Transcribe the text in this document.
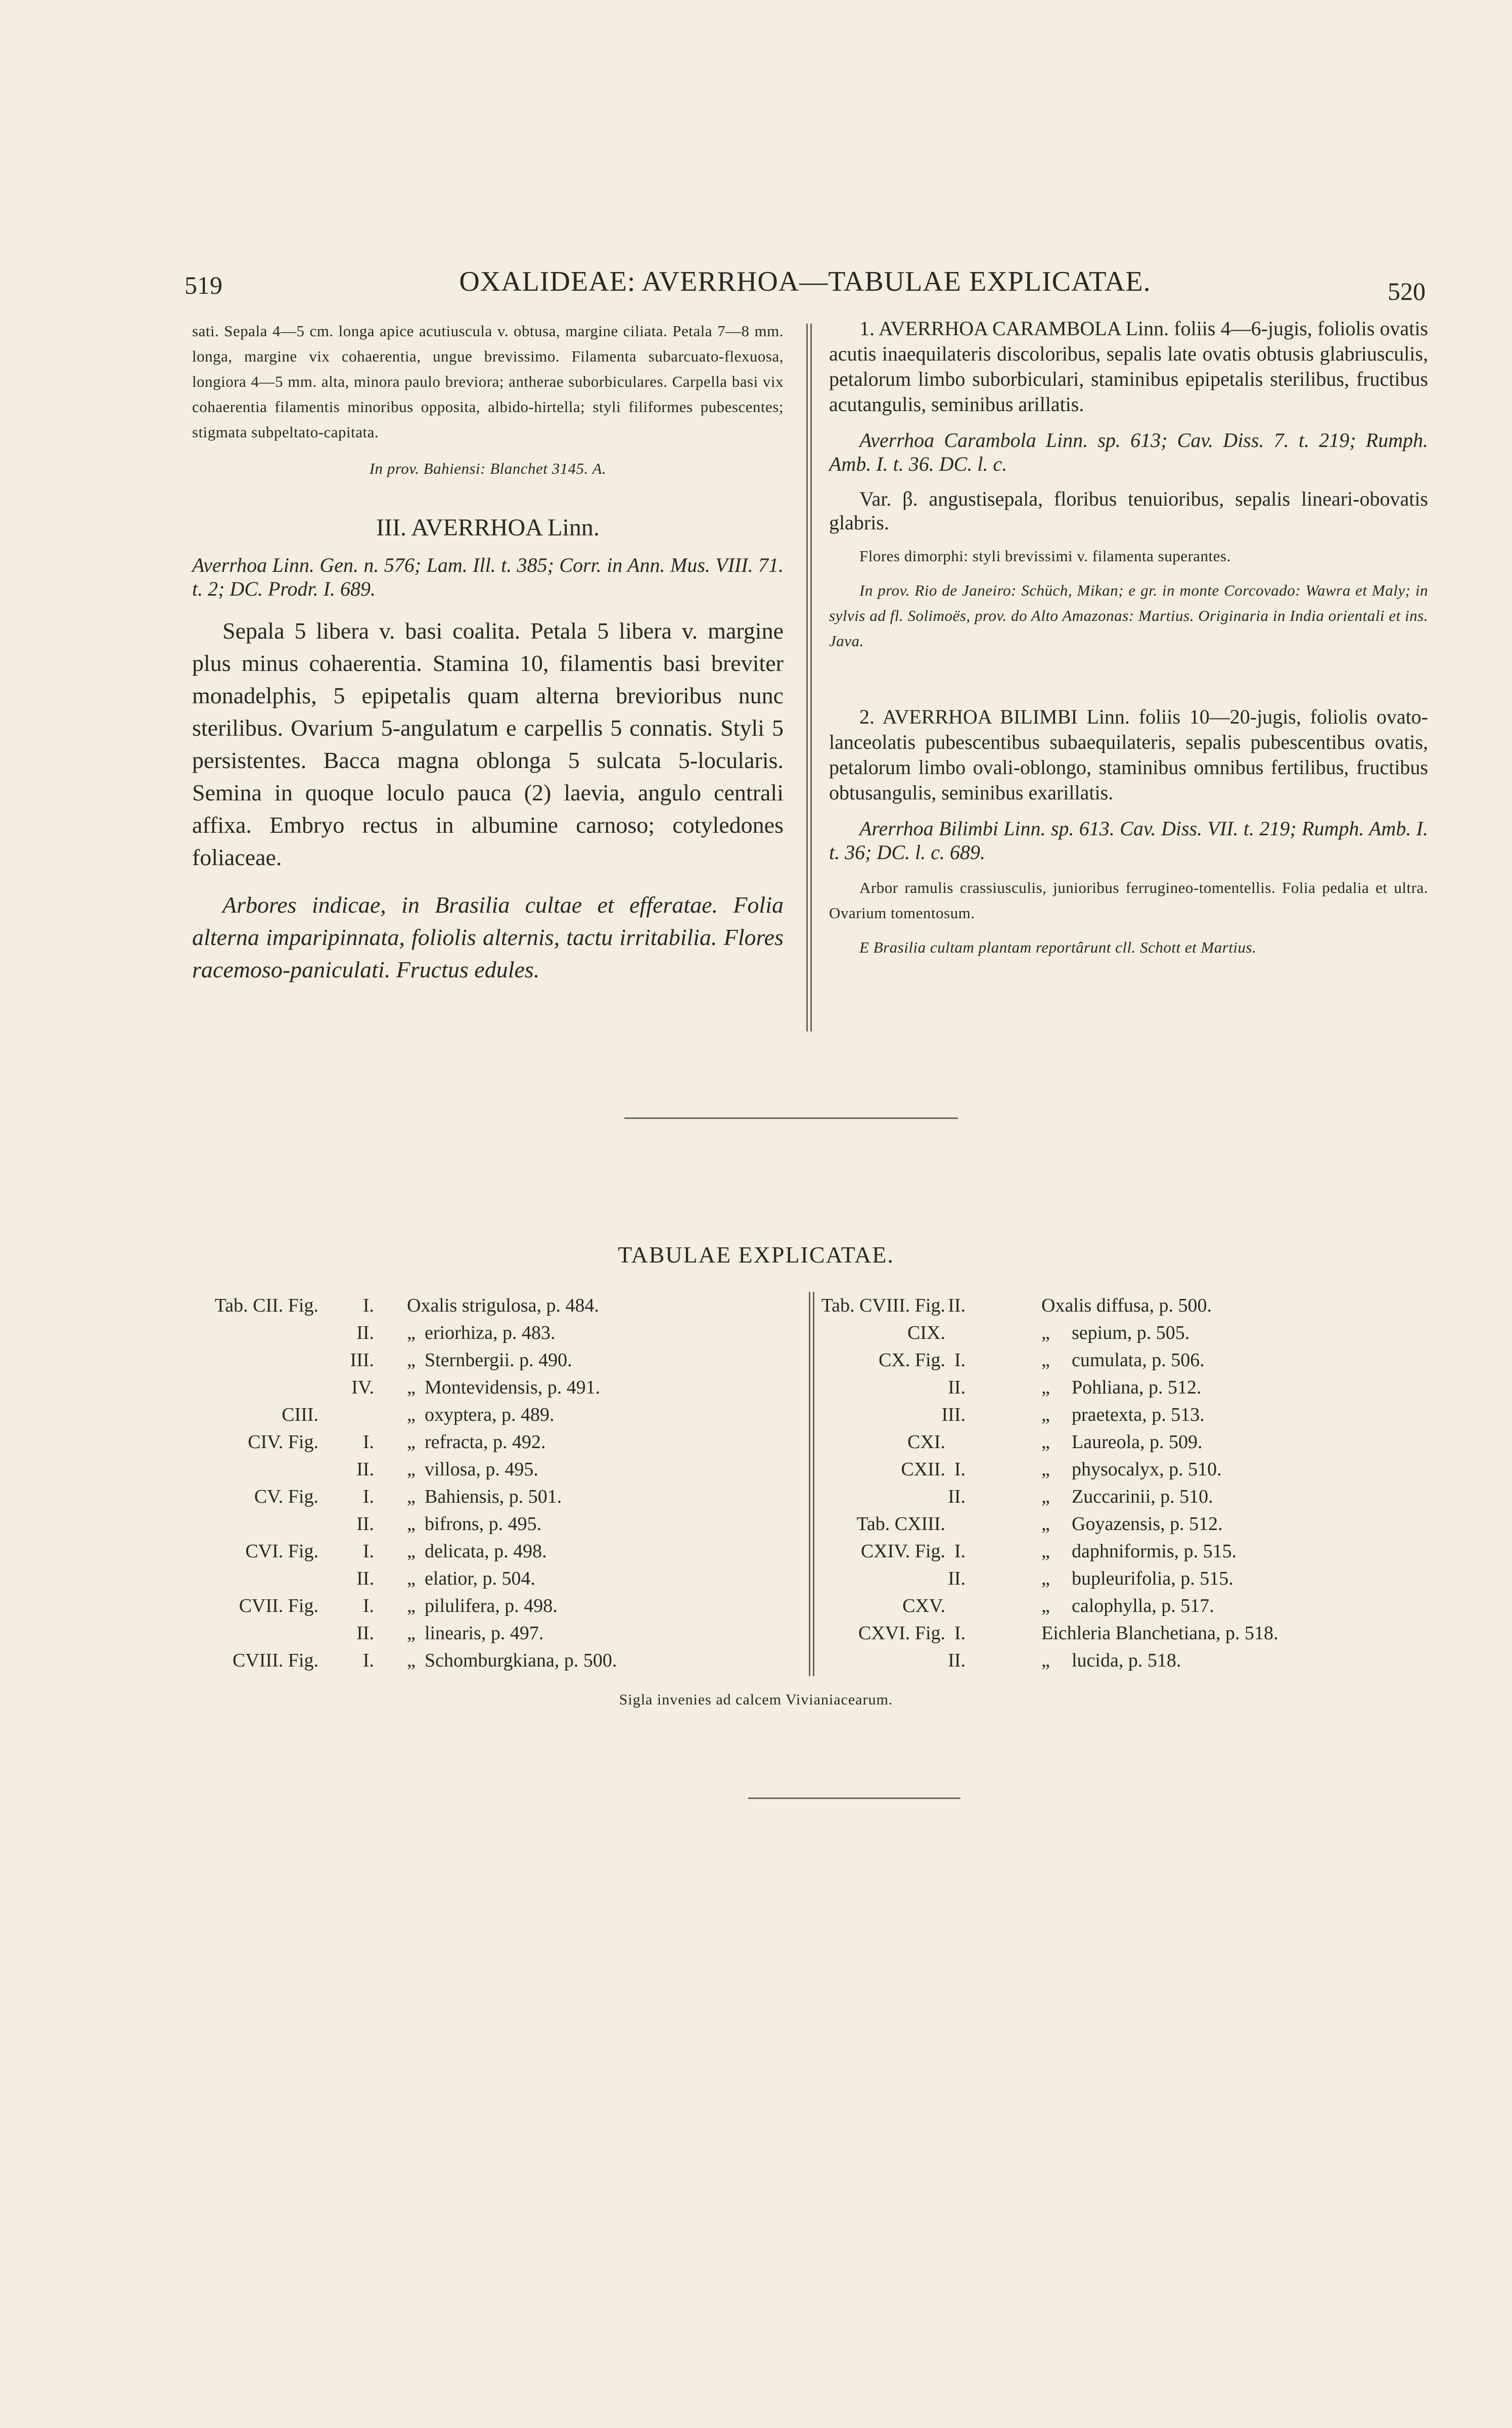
519	OXALIDEAE: AVERRHOA—TABULAE EXPLICATAE.	520

sati. Sepala 4—5 cm. longa apice acutiuscula v. obtusa, margine ciliata. Petala 7—8 mm. longa, margine vix cohaerentia, ungue brevissimo. Filamenta subarcuato-flexuosa, longiora 4—5 mm. alta, minora paulo breviora; antherae suborbiculares. Carpella basi vix cohaerentia filamentis minoribus opposita, albido-hirtella; styli filiformes pubescentes; stigmata subpeltato-capitata.

In prov. Bahiensi: Blanchet 3145. A.

III. AVERRHOA Linn.

Averrhoa Linn. Gen. n. 576; Lam. Ill. t. 385; Corr. in Ann. Mus. VIII. 71. t. 2; DC. Prodr. I. 689.

Sepala 5 libera v. basi coalita. Petala 5 libera v. margine plus minus cohaerentia. Stamina 10, filamentis basi breviter monadelphis, 5 epipetalis quam alterna brevioribus nunc sterilibus. Ovarium 5-angulatum e carpellis 5 connatis. Styli 5 persistentes. Bacca magna oblonga 5 sulcata 5-locularis. Semina in quoque loculo pauca (2) laevia, angulo centrali affixa. Embryo rectus in albumine carnoso; cotyledones foliaceae.

Arbores indicae, in Brasilia cultae et efferatae. Folia alterna imparipinnata, foliolis alternis, tactu irritabilia. Flores racemoso-paniculati. Fructus edules.

1. AVERRHOA CARAMBOLA Linn. foliis 4—6-jugis, foliolis ovatis acutis inaequilateris discoloribus, sepalis late ovatis obtusis glabriusculis, petalorum limbo suborbiculari, staminibus epipetalis sterilibus, fructibus acutangulis, seminibus arillatis.

Averrhoa Carambola Linn. sp. 613; Cav. Diss. 7. t. 219; Rumph. Amb. I. t. 36. DC. l. c.

Var. β. angustisepala, floribus tenuioribus, sepalis lineari-obovatis glabris.

Flores dimorphi: styli brevissimi v. filamenta superantes.

In prov. Rio de Janeiro: Schüch, Mikan; e gr. in monte Corcovado: Wawra et Maly; in sylvis ad fl. Solimoës, prov. do Alto Amazonas: Martius. Originaria in India orientali et ins. Java.

2. AVERRHOA BILIMBI Linn. foliis 10—20-jugis, foliolis ovato-lanceolatis pubescentibus subaequilateris, sepalis pubescentibus ovatis, petalorum limbo ovali-oblongo, staminibus omnibus fertilibus, fructibus obtusangulis, seminibus exarillatis.

Arerrhoa Bilimbi Linn. sp. 613. Cav. Diss. VII. t. 219; Rumph. Amb. I. t. 36; DC. l. c. 689.

Arbor ramulis crassiusculis, junioribus ferrugineo-tomentellis. Folia pedalia et ultra. Ovarium tomentosum.

E Brasilia cultam plantam reportârunt cll. Schott et Martius.

TABULAE EXPLICATAE.
Tab. CII. Fig. I. Oxalis strigulosa, p. 484.
II. „ eriorhiza, p. 483.
III. „ Sternbergii. p. 490.
IV. „ Montevidensis, p. 491.
CIII.	„ oxyptera, p. 489.
CIV. Fig. I. „ refracta, p. 492.
II. „ villosa, p. 495.
CV. Fig. I. „ Bahiensis, p. 501.
II. „ bifrons, p. 495.
CVI. Fig. I. „ delicata, p. 498.
II. „ elatior, p. 504.
CVII. Fig. I. „ pilulifera, p. 498.
II. „ linearis, p. 497.
CVIII. Fig. I. „ Schomburgkiana, p. 500.
Tab. CVIII. Fig. II.	Oxalis diffusa, p. 500.
CIX.	„ sepium, p. 505.
CX. Fig. I.	„ cumulata, p. 506.
II.	„ Pohliana, p. 512.
III.	„ praetexta, p. 513.
CXI.	„ Laureola, p. 509.
CXII. I.	„ physocalyx, p. 510.
II.	„ Zuccarinii, p. 510.
Tab. CXIII.	„ Goyazensis, p. 512.
CXIV. Fig. I.	„ daphniformis, p. 515.
II.	„ bupleurifolia, p. 515.
CXV.	„ calophylla, p. 517.
CXVI. Fig. I.	Eichleria Blanchetiana, p. 518.
II.	„ lucida, p. 518.
Sigla invenies ad calcem Vivianiacearum.
